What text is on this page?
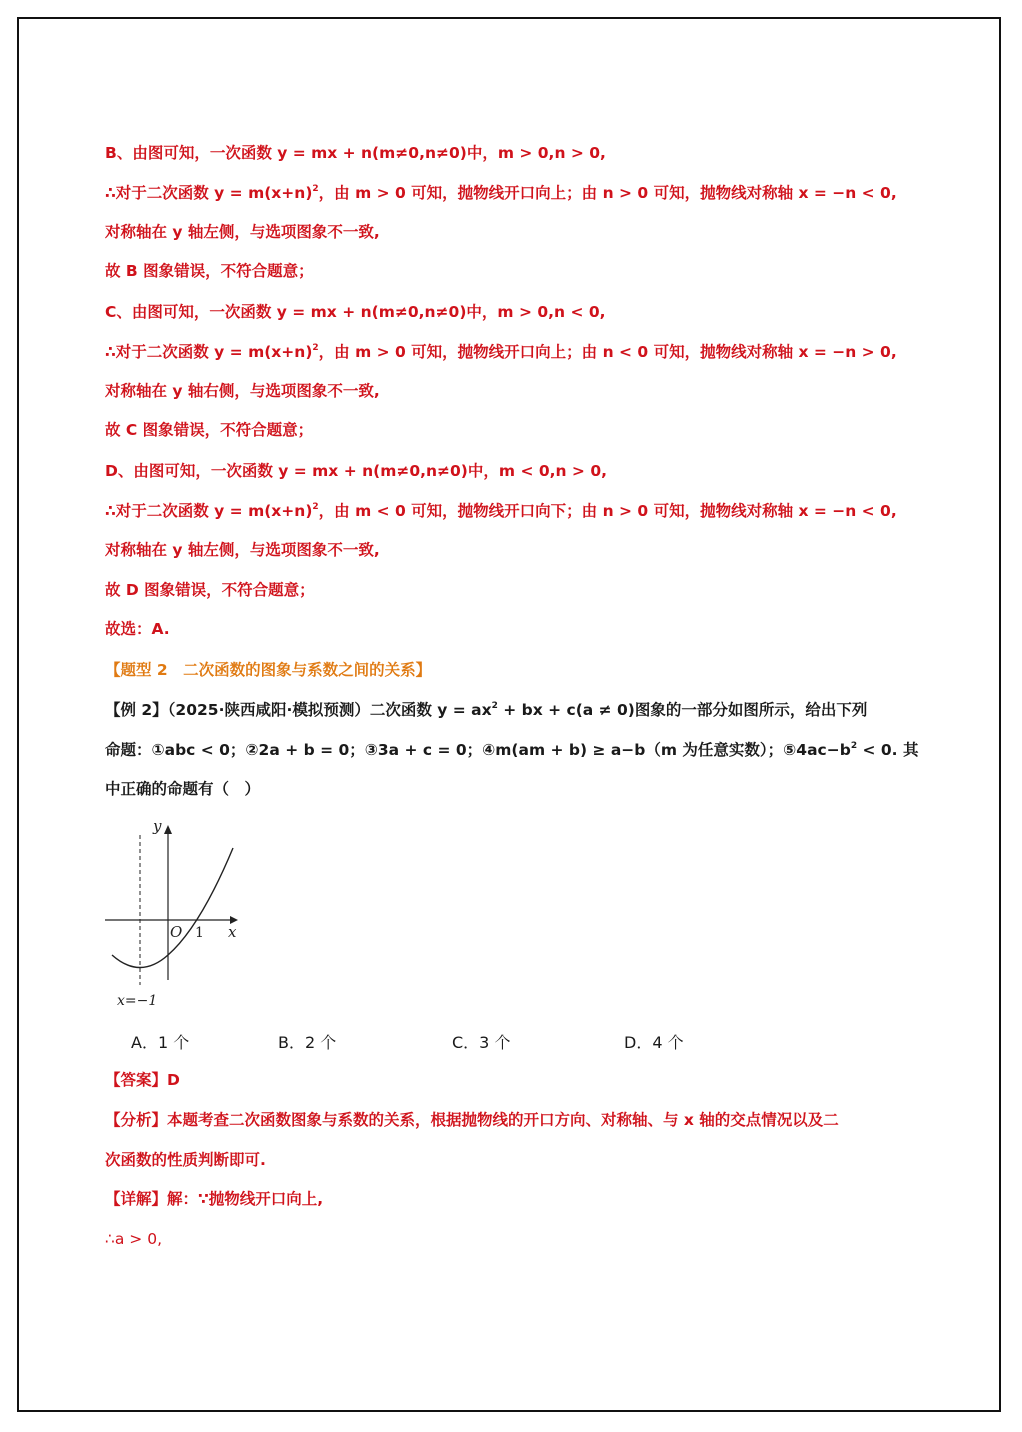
B、由图可知，一次函数 y = mx + n(m≠0,n≠0)中，m > 0,n > 0,
∴对于二次函数 $y = m(x+n)^2$，由 m > 0 可知，抛物线开口向上；由 n > 0 可知，抛物线对称轴 x = −n < 0,
对称轴在 y 轴左侧，与选项图象不一致,
故 B 图象错误，不符合题意；
C、由图可知，一次函数 y = mx + n(m≠0,n≠0)中，m > 0,n < 0,
∴对于二次函数 $y = m(x+n)^2$，由 m > 0 可知，抛物线开口向上；由 n < 0 可知，抛物线对称轴 x = −n > 0,
对称轴在 y 轴右侧，与选项图象不一致,
故 C 图象错误，不符合题意；
D、由图可知，一次函数 y = mx + n(m≠0,n≠0)中，m < 0,n > 0,
∴对于二次函数 $y = m(x+n)^2$，由 m < 0 可知，抛物线开口向下；由 n > 0 可知，抛物线对称轴 x = −n < 0,
对称轴在 y 轴左侧，与选项图象不一致,
故 D 图象错误，不符合题意；
故选：A.
【题型 2　二次函数的图象与系数之间的关系】
【例 2】（2025·陕西咸阳·模拟预测）二次函数 $y = ax^2$ + bx + c(a ≠ 0)图象的一部分如图所示，给出下列
命题：①abc < 0；②2a + b = 0；③3a + c = 0；④m(am + b) ≥ a−b（m 为任意实数）；$⑤4ac-b^2 < 0$. 其
中正确的命题有（　）
y
x
O 1
x=−1
A．1 个	B．2 个	C．3 个	D．4 个
【答案】D
【分析】本题考查二次函数图象与系数的关系，根据抛物线的开口方向、对称轴、与 x 轴的交点情况以及二
次函数的性质判断即可.
【详解】解：∵抛物线开口向上,
∴a > 0,
